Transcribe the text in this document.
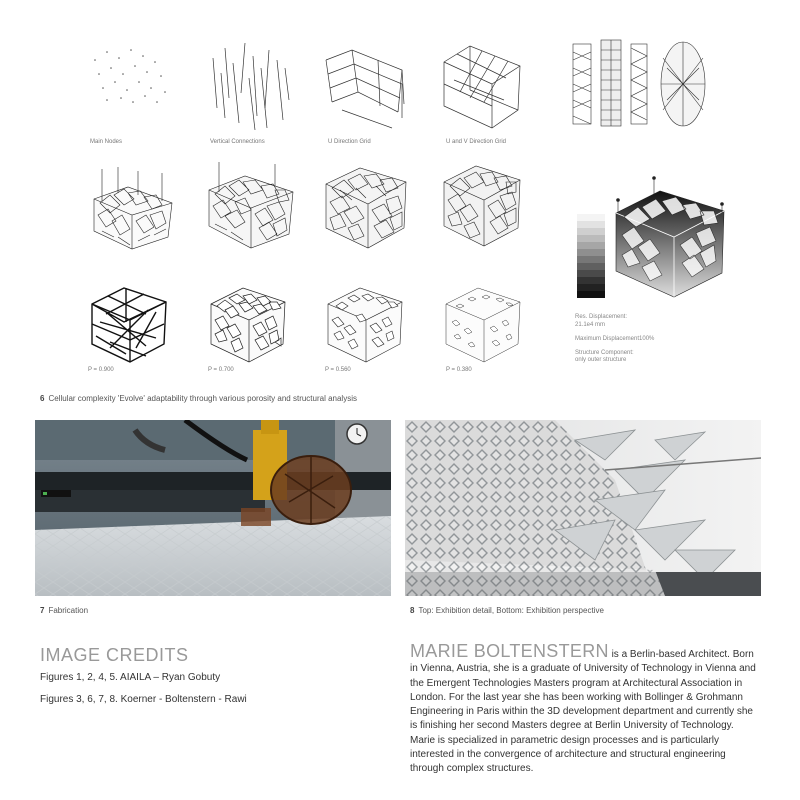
Main Nodes	Vertical Connections	U Direction Grid	U and V Direction Grid
Res. Displacement:
21.1e4 mm
Maximum Displacement100%
Structure Component:
only outer structure
P = 0.900	P = 0.700	P = 0.560	P = 0.380
6 Cellular complexity 'Evolve' adaptability through various porosity and structural analysis
7 Fabrication	8 Top: Exhibition detail, Bottom: Exhibition perspective
IMAGE CREDITS
Figures 1, 2, 4, 5. AIAILA – Ryan Gobuty
Figures 3, 6, 7, 8. Koerner - Boltenstern - Rawi
MARIE BOLTENSTERN is a Berlin-based Architect. Born in Vienna, Austria, she is a graduate of University of Technology in Vienna and the Emergent Technologies Masters program at Architectural Association in London. For the last year she has been working with Bollinger & Grohmann Engineering in Paris within the 3D development department and currently she is finishing her second Masters degree at Berlin University of Technology. Marie is specialized in parametric design processes and is particularly interested in the convergence of architecture and structural engineering through complex structures.
